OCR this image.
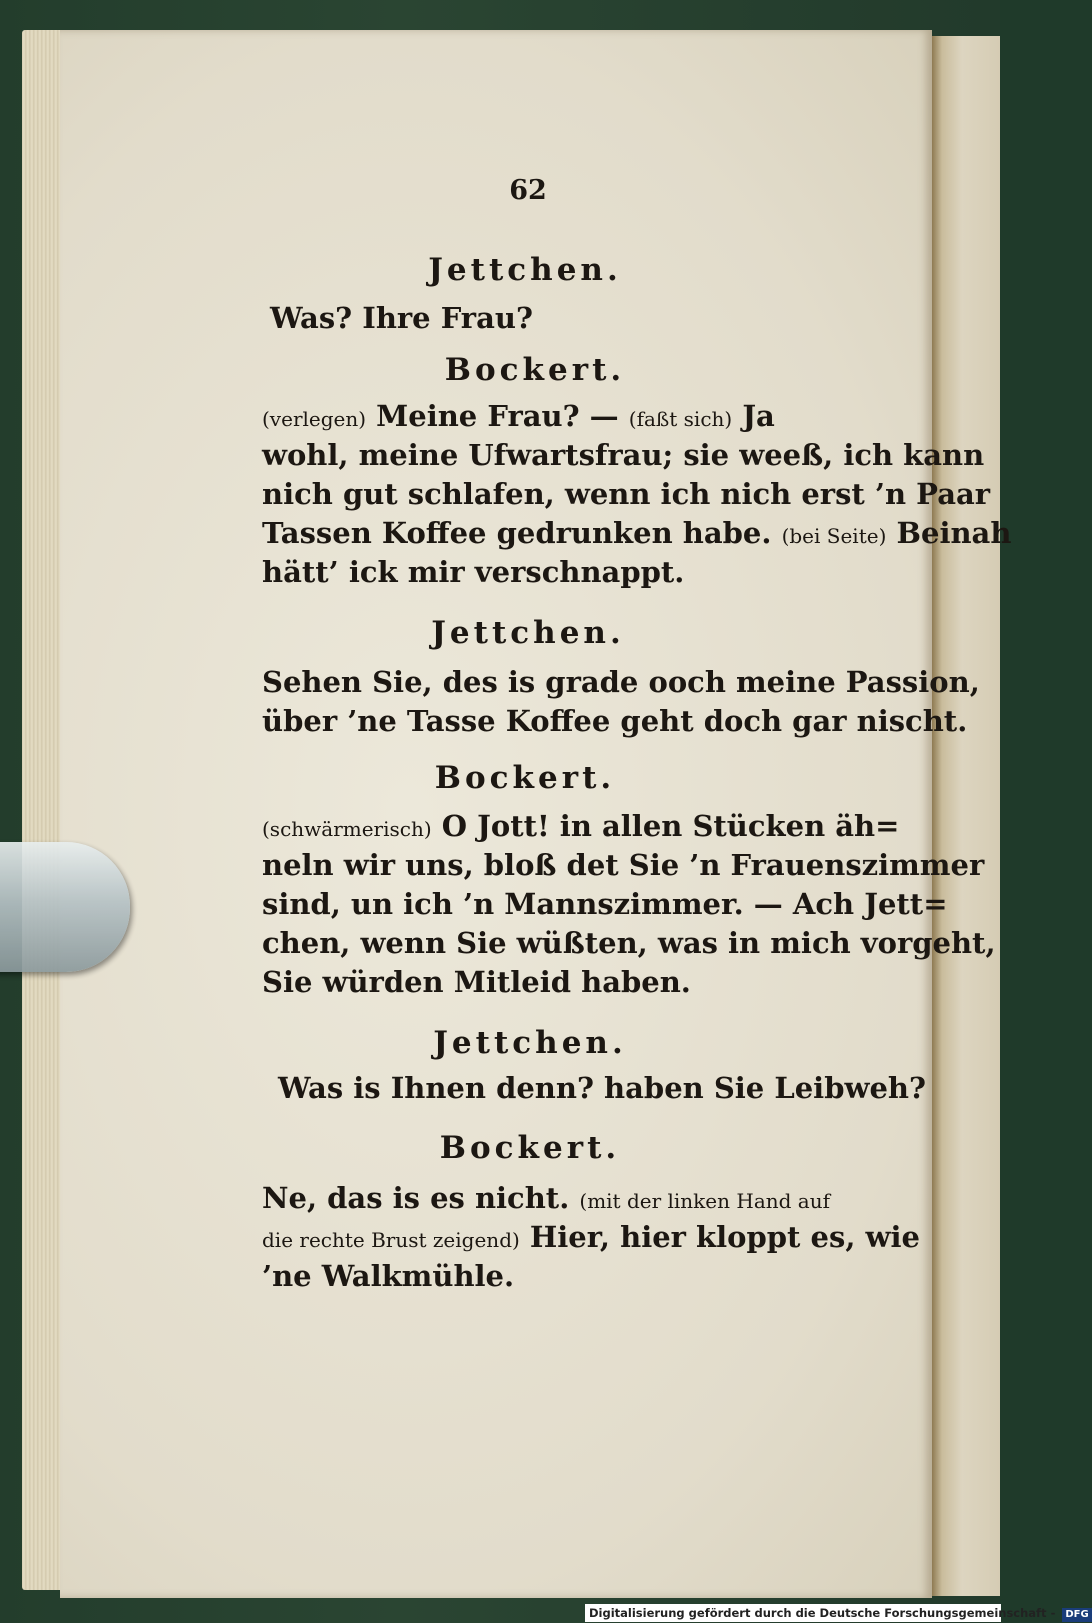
62
Jettchen.
Was? Ihre Frau?
Bockert.
(verlegen) Meine Frau? — (faßt sich) Ja
wohl, meine Ufwartsfrau; sie weeß, ich kann
nich gut schlafen, wenn ich nich erst ’n Paar
Tassen Koffee gedrunken habe. (bei Seite) Beinah
hätt’ ick mir verschnappt.
Jettchen.
Sehen Sie, des is grade ooch meine Passion,
über ’ne Tasse Koffee geht doch gar nischt.
Bockert.
(schwärmerisch) O Jott! in allen Stücken äh=
neln wir uns, bloß det Sie ’n Frauenszimmer
sind, un ich ’n Mannszimmer. — Ach Jett=
chen, wenn Sie wüßten, was in mich vorgeht,
Sie würden Mitleid haben.
Jettchen.
Was is Ihnen denn? haben Sie Leibweh?
Bockert.
Ne, das is es nicht. (mit der linken Hand auf
die rechte Brust zeigend) Hier, hier kloppt es, wie
’ne Walkmühle.
Digitalisierung gefördert durch die Deutsche Forschungsgemeinschaft - DFG
